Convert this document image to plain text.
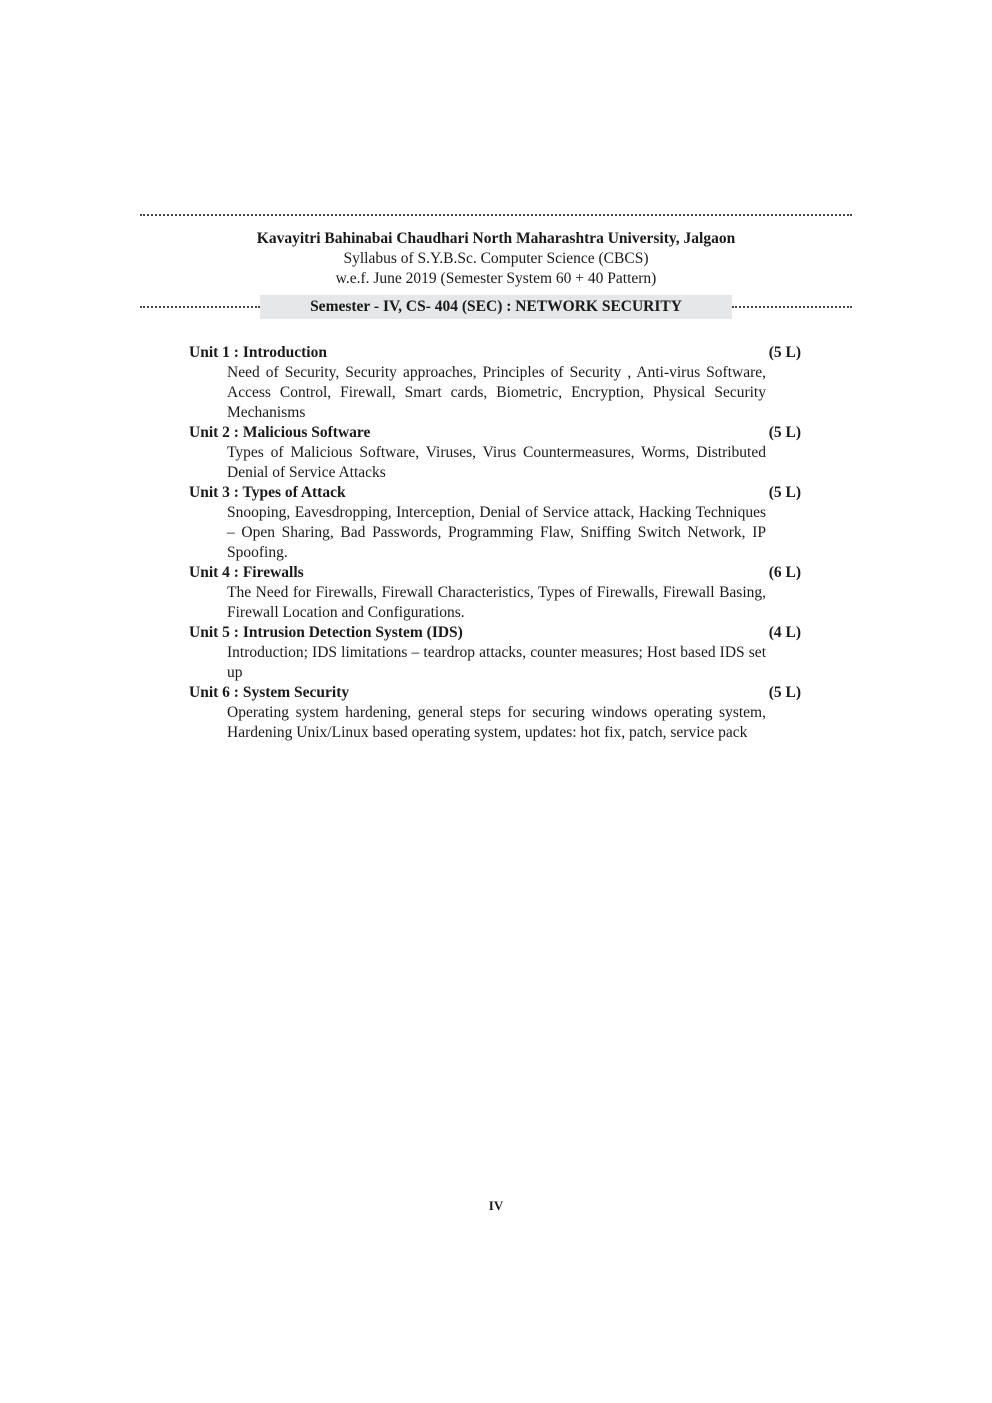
Kavayitri Bahinabai Chaudhari North Maharashtra University, Jalgaon
Syllabus of S.Y.B.Sc. Computer Science (CBCS)
w.e.f. June 2019 (Semester System 60 + 40 Pattern)
Semester - IV, CS- 404 (SEC) : NETWORK SECURITY
Unit 1 : Introduction	(5 L)
Need of Security, Security approaches, Principles of Security , Anti-virus Software, Access Control, Firewall, Smart cards, Biometric, Encryption, Physical Security Mechanisms
Unit 2 : Malicious Software	(5 L)
Types of Malicious Software, Viruses, Virus Countermeasures, Worms, Distributed Denial of Service Attacks
Unit 3 : Types of Attack	(5 L)
Snooping, Eavesdropping, Interception, Denial of Service attack, Hacking Techniques – Open Sharing, Bad Passwords, Programming Flaw, Sniffing Switch Network, IP Spoofing.
Unit 4 : Firewalls	(6 L)
The Need for Firewalls, Firewall Characteristics, Types of Firewalls, Firewall Basing, Firewall Location and Configurations.
Unit 5 : Intrusion Detection System (IDS)	(4 L)
Introduction; IDS limitations – teardrop attacks, counter measures; Host based IDS set up
Unit 6 : System Security	(5 L)
Operating system hardening, general steps for securing windows operating system, Hardening Unix/Linux based operating system, updates: hot fix, patch, service pack
IV
